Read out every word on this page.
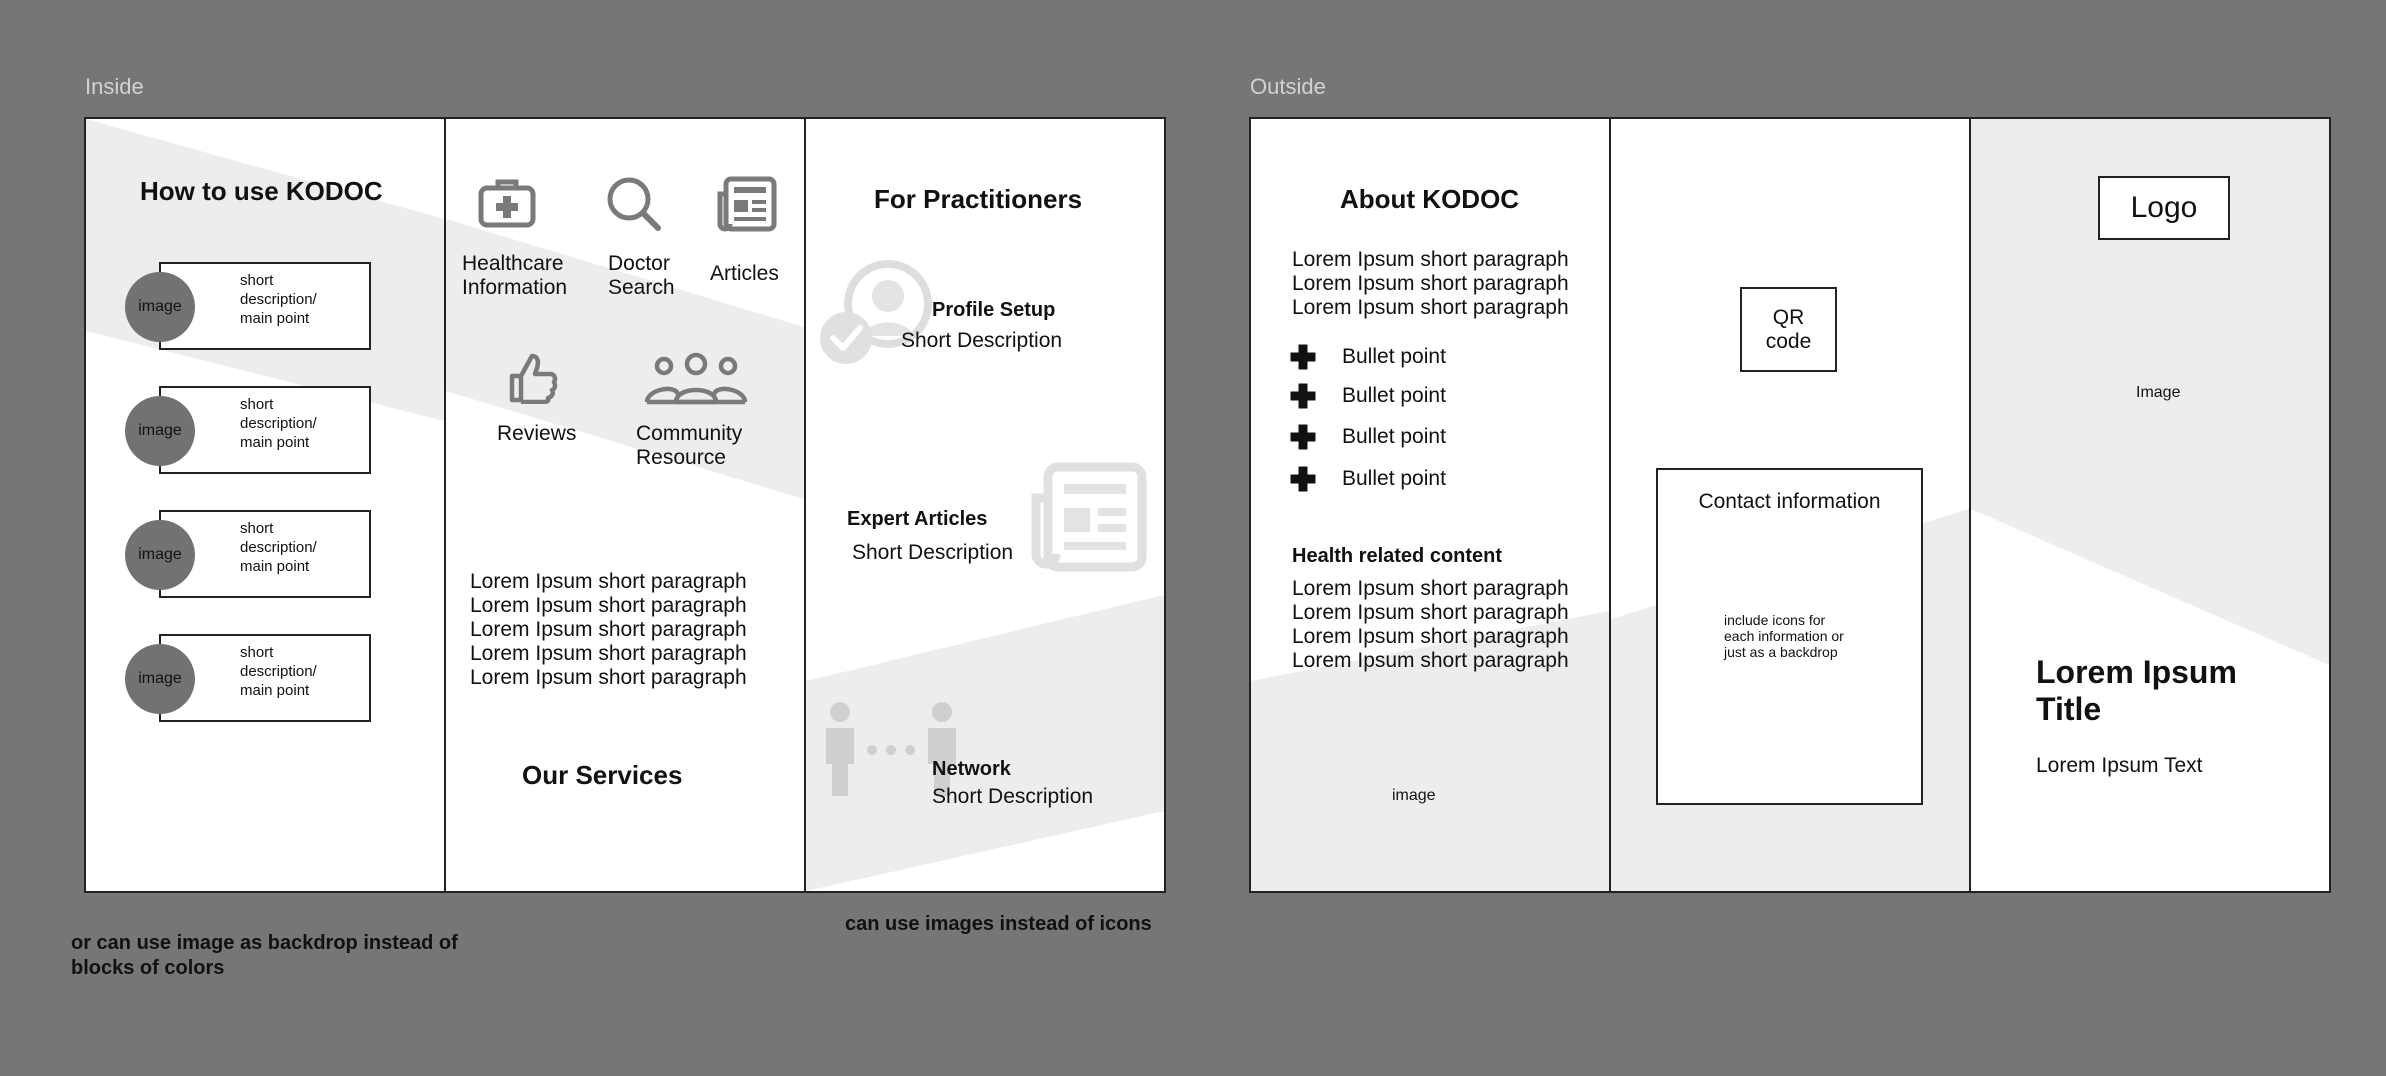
Inside	Outside
How to use KODOC
short
description/
main point
image
short
description/
main point
image
short
description/
main point
image
short
description/
main point
image
Healthcare
Information
Doctor
Search
Articles
Reviews	Community
Resource
Lorem Ipsum short paragraph
Lorem Ipsum short paragraph
Lorem Ipsum short paragraph
Lorem Ipsum short paragraph
Lorem Ipsum short paragraph
Our Services
For Practitioners
Profile Setup
Short Description
Expert Articles
Short Description
Network
Short Description
or can use image as backdrop instead of
blocks of colors
can use images instead of icons
About KODOC
Lorem Ipsum short paragraph
Lorem Ipsum short paragraph
Lorem Ipsum short paragraph
Bullet point
Bullet point
Bullet point
Bullet point
Health related content
Lorem Ipsum short paragraph
Lorem Ipsum short paragraph
Lorem Ipsum short paragraph
Lorem Ipsum short paragraph
image
QR
code
Contact information
include icons for
each information or
just as a backdrop
Logo
Image
Lorem Ipsum
Title
Lorem Ipsum Text
